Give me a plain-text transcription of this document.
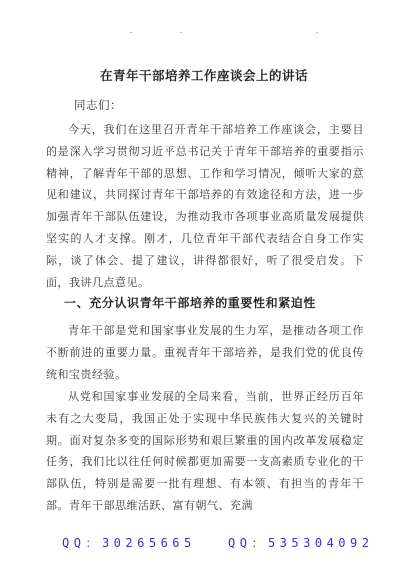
.	.	,
在青年干部培养工作座谈会上的讲话
同志们：
今天，我们在这里召开青年干部培养工作座谈会，主要目的是深入学习贯彻习近平总书记关于青年干部培养的重要指示精神，了解青年干部的思想、工作和学习情况，倾听大家的意见和建议，共同探讨青年干部培养的有效途径和方法，进一步加强青年干部队伍建设，为推动我市各项事业高质量发展提供坚实的人才支撑。刚才，几位青年干部代表结合自身工作实际，谈了体会、提了建议，讲得都很好，听了很受启发。下面，我讲几点意见。
一、充分认识青年干部培养的重要性和紧迫性
青年干部是党和国家事业发展的生力军，是推动各项工作不断前进的重要力量。重视青年干部培养，是我们党的优良传统和宝贵经验。
从党和国家事业发展的全局来看，当前，世界正经历百年未有之大变局，我国正处于实现中华民族伟大复兴的关键时期。面对复杂多变的国际形势和艰巨繁重的国内改革发展稳定任务，我们比以往任何时候都更加需要一支高素质专业化的干部队伍，特别是需要一批有理想、有本领、有担当的青年干部。青年干部思维活跃、富有朝气、充满
QQ：30265665	QQ：535304092
